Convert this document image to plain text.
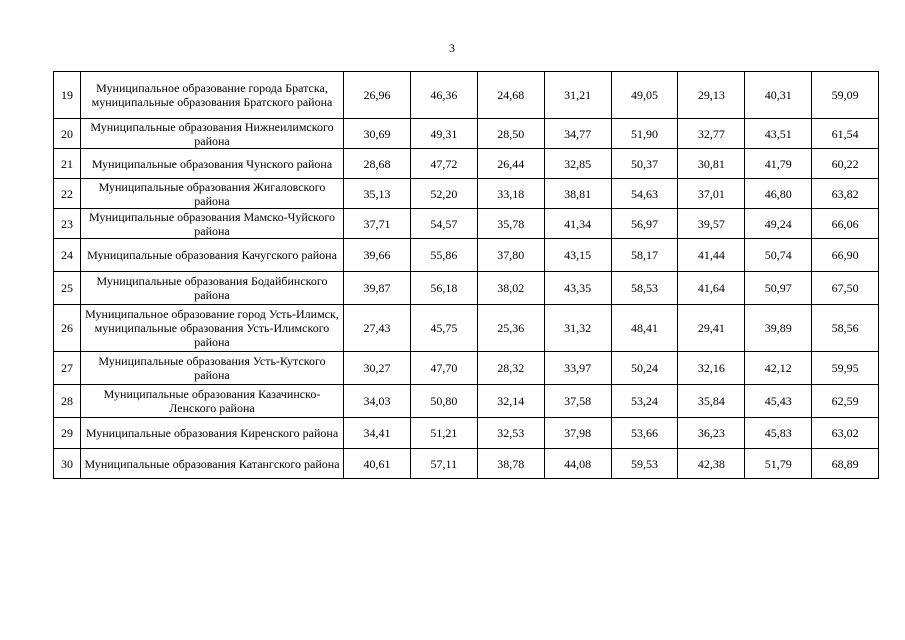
3
19	Муниципальное образование города Братска, муниципальные образования Братского района	26,96	46,36	24,68	31,21	49,05	29,13	40,31	59,09
20	Муниципальные образования Нижнеилимского района	30,69	49,31	28,50	34,77	51,90	32,77	43,51	61,54
21	Муниципальные образования Чунского района	28,68	47,72	26,44	32,85	50,37	30,81	41,79	60,22
22	Муниципальные образования Жигаловского района	35,13	52,20	33,18	38,81	54,63	37,01	46,80	63,82
23	Муниципальные образования Мамско-Чуйского района	37,71	54,57	35,78	41,34	56,97	39,57	49,24	66,06
24	Муниципальные образования Качугского района	39,66	55,86	37,80	43,15	58,17	41,44	50,74	66,90
25	Муниципальные образования Бодайбинского района	39,87	56,18	38,02	43,35	58,53	41,64	50,97	67,50
26	Муниципальное образование город Усть-Илимск, муниципальные образования Усть-Илимского района	27,43	45,75	25,36	31,32	48,41	29,41	39,89	58,56
27	Муниципальные образования Усть-Кутского района	30,27	47,70	28,32	33,97	50,24	32,16	42,12	59,95
28	Муниципальные образования Казачинско-Ленского района	34,03	50,80	32,14	37,58	53,24	35,84	45,43	62,59
29	Муниципальные образования Киренского района	34,41	51,21	32,53	37,98	53,66	36,23	45,83	63,02
30	Муниципальные образования Катангского района	40,61	57,11	38,78	44,08	59,53	42,38	51,79	68,89
